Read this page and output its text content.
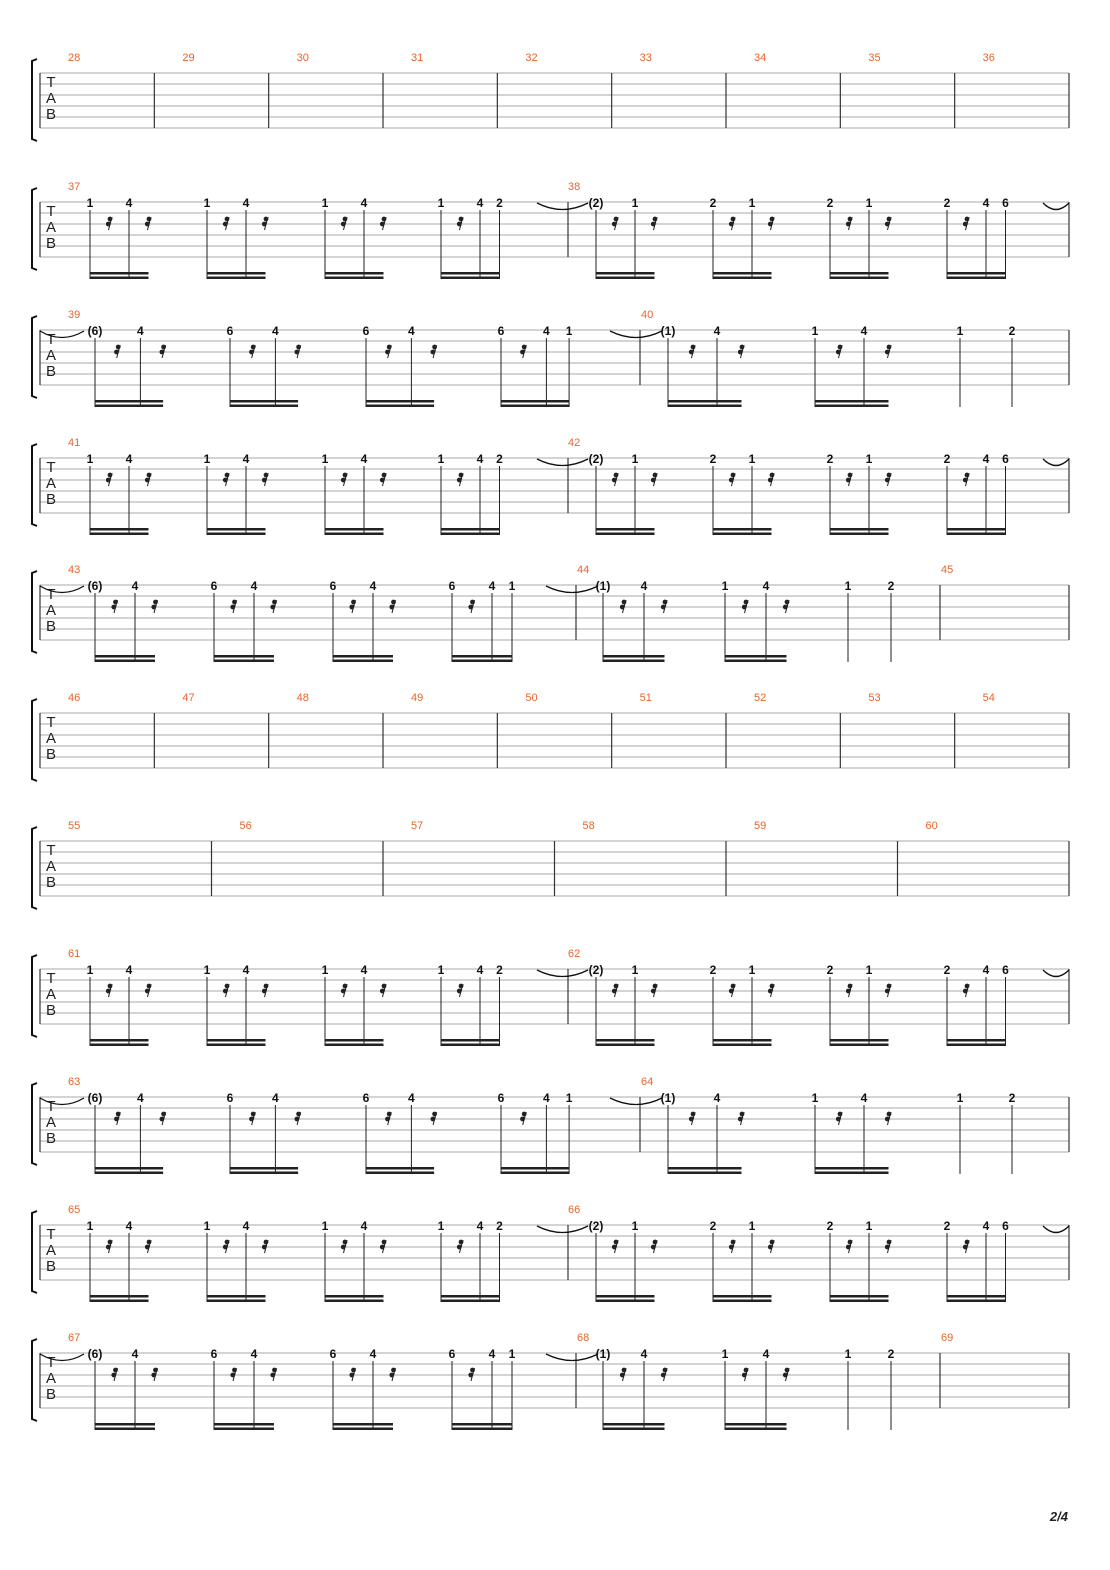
T
A
B
28	29	30	31	32	33	34	35	36
T
A
B
37	38
1	4	1	4	1	4	1	4 2	(2) 1	2	1	2	1	2	4 6
T
A
B
39	40
(6)	4	6	4	6	4	6	4 1	(1)	4	1	4	1	2
T
A
B
41	42
1	4	1	4	1	4	1	4 2	(2) 1	2	1	2	1	2	4 6
T
A
B
43	44
(6) 4	6	4	6	4	6	4 1	(1)	4	1	4	1	2
45
T
A
B
46	47	48	49	50	51	52	53	54
T
A
B
55	56	57	58	59	60
T
A
B
61	62
1	4	1	4	1	4	1	4 2	(2) 1	2	1	2	1	2	4 6
T
A
B
63	64
(6)	4	6	4	6	4	6	4 1	(1)	4	1	4	1	2
T
A
B
65	66
1	4	1	4	1	4	1	4 2	(2) 1	2	1	2	1	2	4 6
T
A
B
67	68
(6) 4	6	4	6	4	6	4 1	(1)	4	1	4	1	2
69
2/4
